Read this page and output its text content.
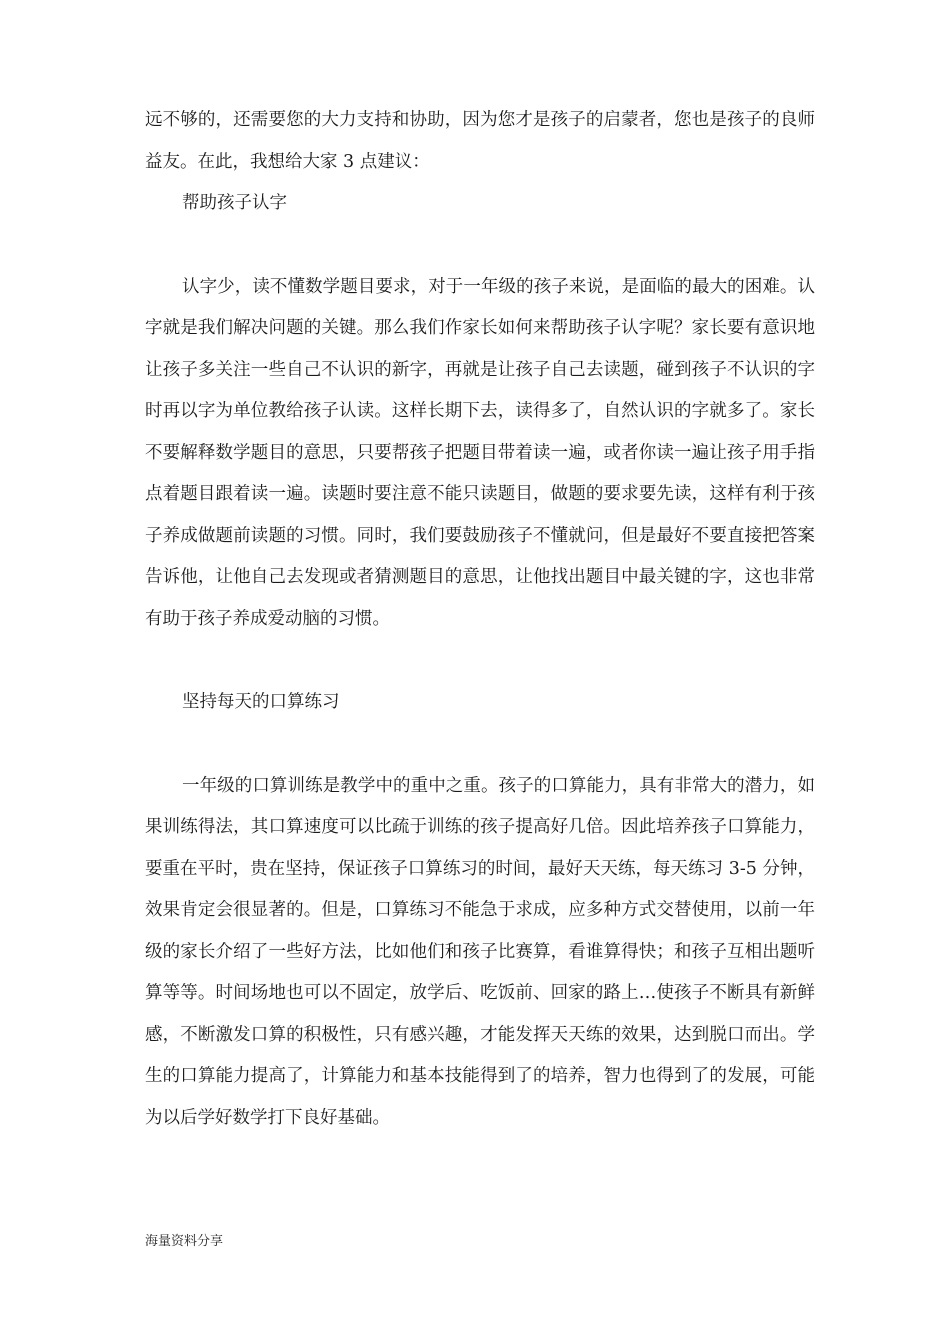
远不够的，还需要您的大力支持和协助，因为您才是孩子的启蒙者，您也是孩子的良师益友。在此，我想给大家 3 点建议：

帮助孩子认字

认字少，读不懂数学题目要求，对于一年级的孩子来说，是面临的最大的困难。认字就是我们解决问题的关键。那么我们作家长如何来帮助孩子认字呢？家长要有意识地让孩子多关注一些自己不认识的新字，再就是让孩子自己去读题，碰到孩子不认识的字时再以字为单位教给孩子认读。这样长期下去，读得多了，自然认识的字就多了。家长不要解释数学题目的意思，只要帮孩子把题目带着读一遍，或者你读一遍让孩子用手指点着题目跟着读一遍。读题时要注意不能只读题目，做题的要求要先读，这样有利于孩子养成做题前读题的习惯。同时，我们要鼓励孩子不懂就问，但是最好不要直接把答案告诉他，让他自己去发现或者猜测题目的意思，让他找出题目中最关键的字，这也非常有助于孩子养成爱动脑的习惯。

坚持每天的口算练习

一年级的口算训练是教学中的重中之重。孩子的口算能力，具有非常大的潜力，如果训练得法，其口算速度可以比疏于训练的孩子提高好几倍。因此培养孩子口算能力，要重在平时，贵在坚持，保证孩子口算练习的时间，最好天天练，每天练习 3-5 分钟，效果肯定会很显著的。但是，口算练习不能急于求成，应多种方式交替使用，以前一年级的家长介绍了一些好方法，比如他们和孩子比赛算，看谁算得快；和孩子互相出题听算等等。时间场地也可以不固定，放学后、吃饭前、回家的路上…使孩子不断具有新鲜感，不断激发口算的积极性，只有感兴趣，才能发挥天天练的效果，达到脱口而出。学生的口算能力提高了，计算能力和基本技能得到了的培养，智力也得到了的发展，可能为以后学好数学打下良好基础。

海量资料分享
